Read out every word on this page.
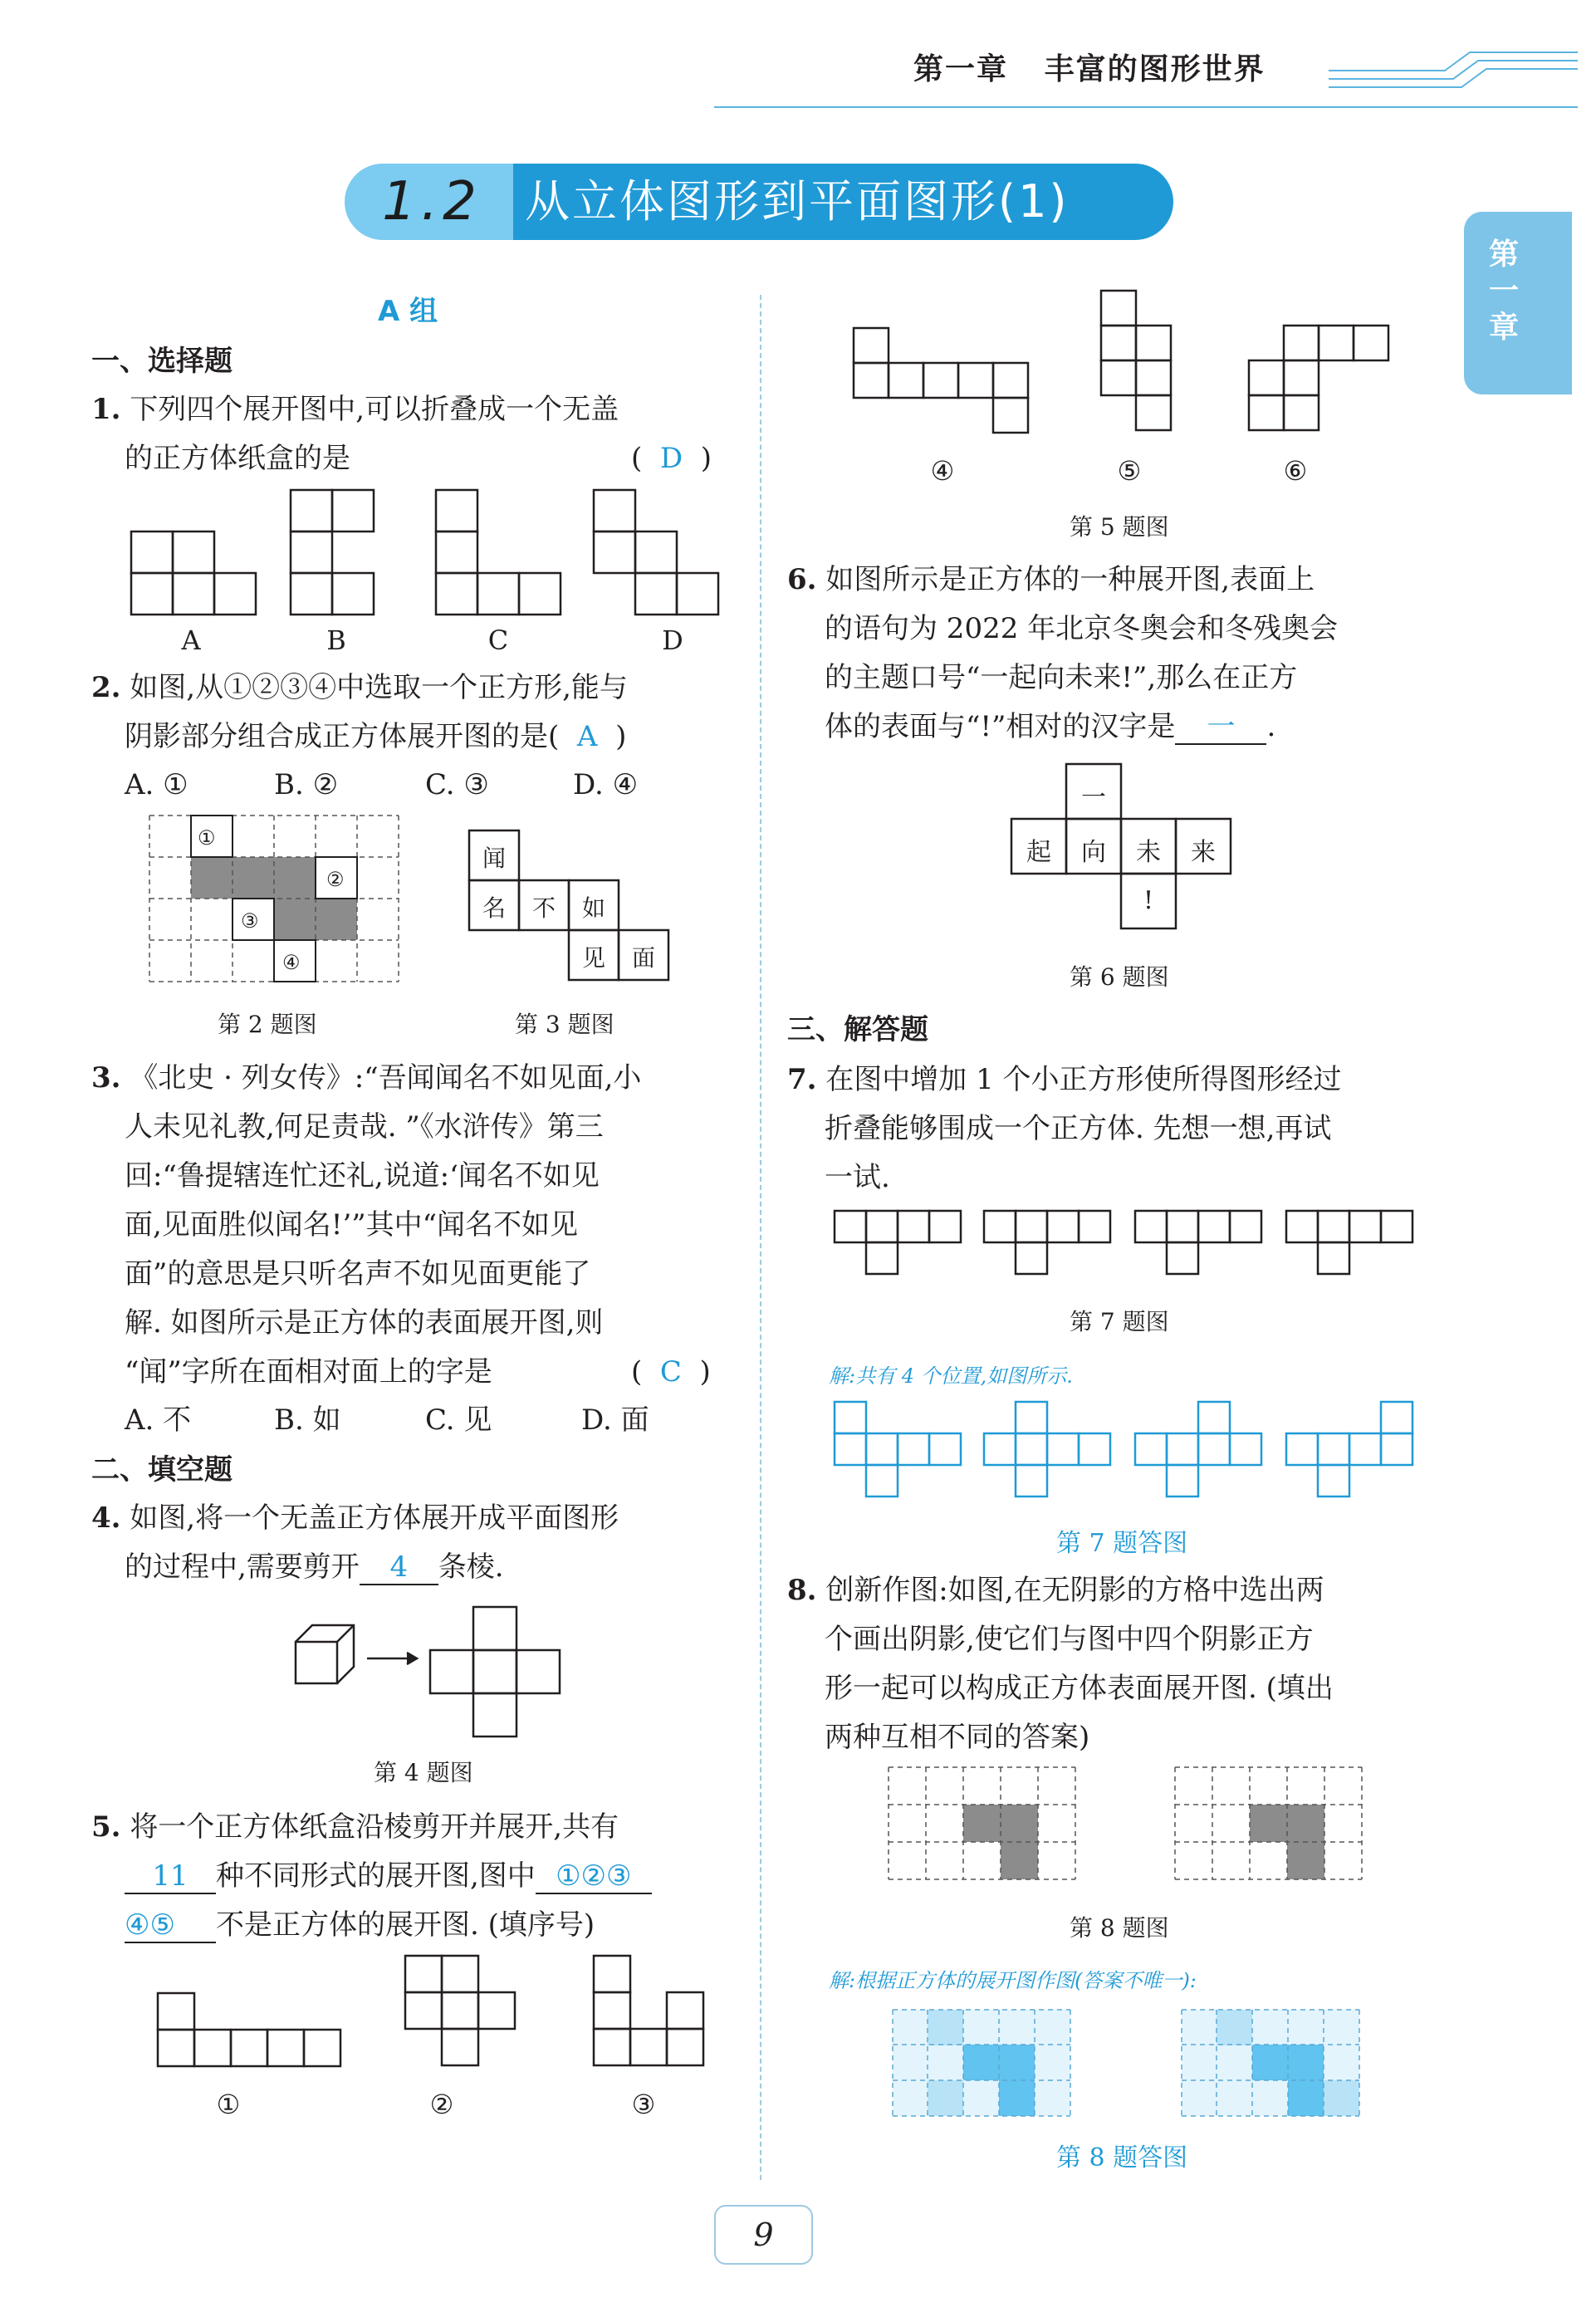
第一章 丰富的图形世界
1.2 从立体图形到平面图形(1)
第一章
A 组
一、选择题
1. 下列四个展开图中,可以折叠成一个无盖
的正方体纸盒的是	(  D  )
A	B	C	D
2. 如图,从①②③④中选取一个正方形,能与
阴影部分组合成正方体展开图的是(  A  )
A. ①	B. ②	C. ③	D. ④
①
②
③
④
第 2 题图
闻
名	不	如
见	面
第 3 题图
3. 《北史 · 列女传》:“吾闻闻名不如见面,小
人未见礼教,何足责哉. ”《水浒传》第三
回:“鲁提辖连忙还礼,说道:‘闻名不如见
面,见面胜似闻名!’”其中“闻名不如见
面”的意思是只听名声不如见面更能了
解. 如图所示是正方体的表面展开图,则
“闻”字所在面相对面上的字是	(  C  )
A. 不	B. 如	C. 见	D. 面
二、填空题
4. 如图,将一个无盖正方体展开成平面图形
的过程中,需要剪开 4 条棱.
第 4 题图
5. 将一个正方体纸盒沿棱剪开并展开,共有
11 种不同形式的展开图,图中 ①②③
④⑤ 不是正方体的展开图. (填序号)
①	②	③
④	⑤	⑥
第 5 题图
6. 如图所示是正方体的一种展开图,表面上
的语句为 2022 年北京冬奥会和冬残奥会
的主题口号“一起向未来!”,那么在正方
体的表面与“!”相对的汉字是 一 .
一
起	向	未	来
!
第 6 题图
三、解答题
7. 在图中增加 1 个小正方形使所得图形经过
折叠能够围成一个正方体. 先想一想,再试
一试.
第 7 题图
解:共有 4 个位置,如图所示.
第 7 题答图
8. 创新作图:如图,在无阴影的方格中选出两
个画出阴影,使它们与图中四个阴影正方
形一起可以构成正方体表面展开图. (填出
两种互相不同的答案)
第 8 题图
解:根据正方体的展开图作图(答案不唯一):
第 8 题答图
9
